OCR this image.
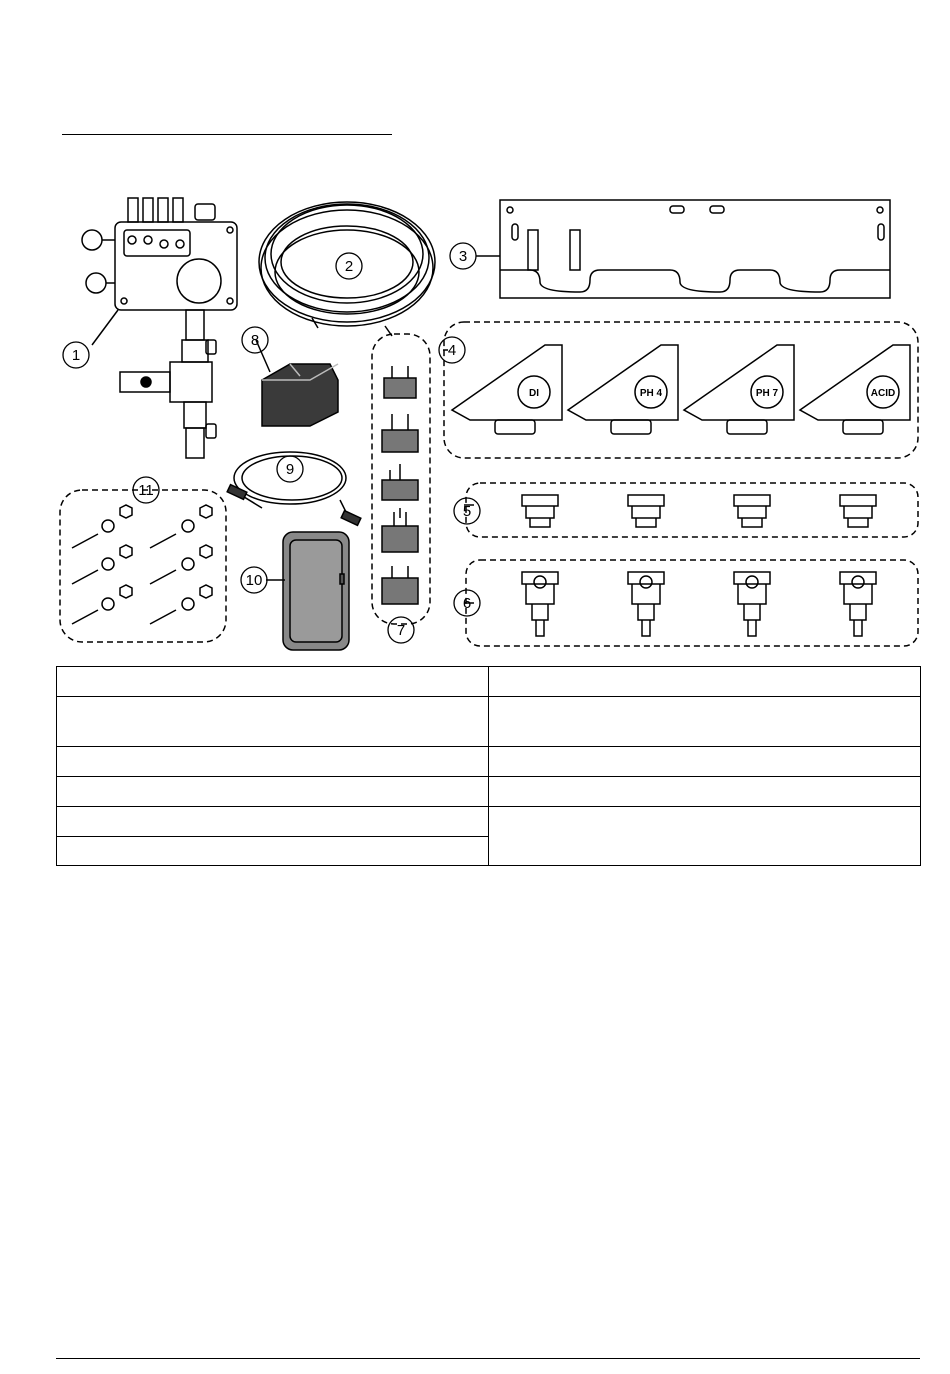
DI	PH 4	PH 7	ACID
1
2
3
4
5
6
7
8
9
10
11
